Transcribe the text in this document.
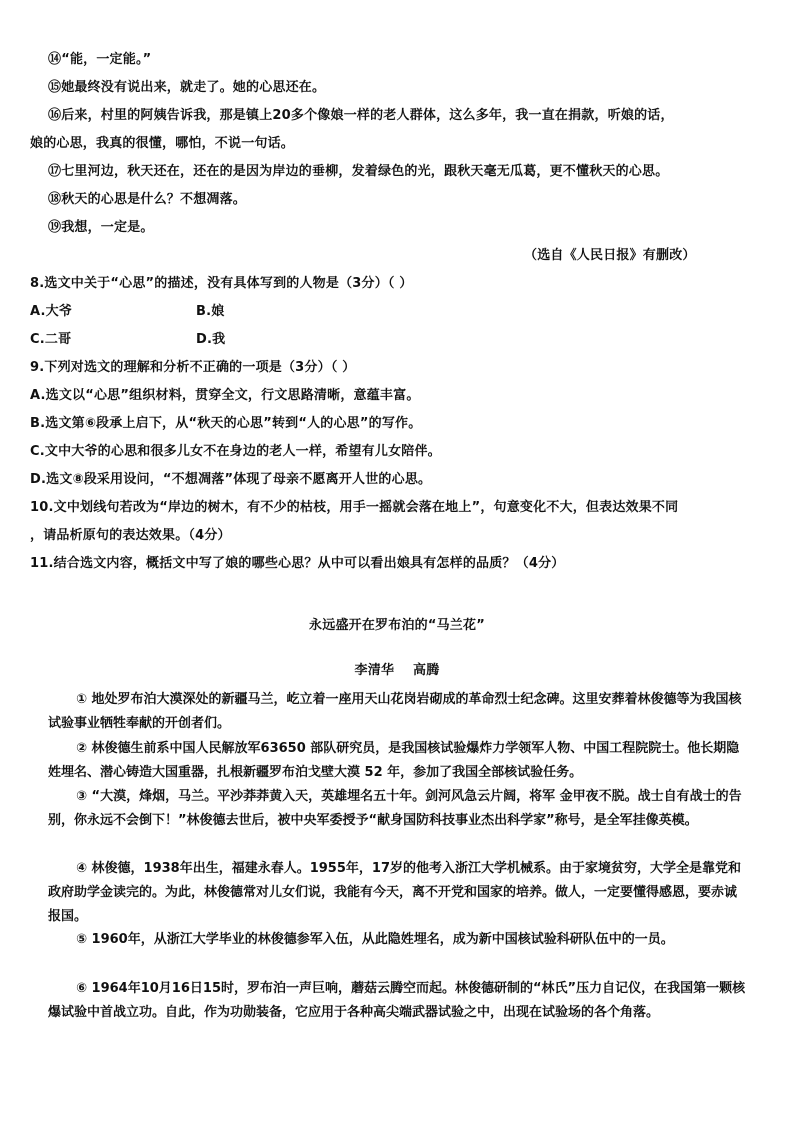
⑭“能，一定能。”
⑮她最终没有说出来，就走了。她的心思还在。
⑯后来，村里的阿姨告诉我，那是镇上20多个像娘一样的老人群体，这么多年，我一直在捐款，听娘的话，
娘的心思，我真的很懂，哪怕，不说一句话。
⑰七里河边，秋天还在，还在的是因为岸边的垂柳，发着绿色的光，跟秋天毫无瓜葛，更不懂秋天的心思。
⑱秋天的心思是什么？不想凋落。
⑲我想，一定是。
（选自《人民日报》有删改）
8.选文中关于“心思”的描述，没有具体写到的人物是（3分）（ ）
A.大爷	B.娘
C.二哥	D.我
9.下列对选文的理解和分析不正确的一项是（3分）（ ）
A.选文以“心思”组织材料，贯穿全文，行文思路清晰，意蕴丰富。
B.选文第⑥段承上启下，从“秋天的心思”转到“人的心思”的写作。
C.文中大爷的心思和很多儿女不在身边的老人一样，希望有儿女陪伴。
D.选文⑧段采用设问，“不想凋落”体现了母亲不愿离开人世的心思。
10.文中划线句若改为“岸边的树木，有不少的枯枝，用手一摇就会落在地上”，句意变化不大，但表达效果不同
，请品析原句的表达效果。（4分）
11.结合选文内容，概括文中写了娘的哪些心思？从中可以看出娘具有怎样的品质？（4分）
永远盛开在罗布泊的“马兰花”
李清华    高腾
① 地处罗布泊大漠深处的新疆马兰，屹立着一座用天山花岗岩砌成的革命烈士纪念碑。这里安葬着林俊德等为我国核试验事业牺牲奉献的开创者们。
② 林俊德生前系中国人民解放军63650 部队研究员，是我国核试验爆炸力学领军人物、中国工程院院士。他长期隐姓埋名、潜心铸造大国重器，扎根新疆罗布泊戈壁大漠 52 年，参加了我国全部核试验任务。
③ “大漠，烽烟，马兰。平沙莽莽黄入天，英雄埋名五十年。剑河风急云片阔，将军 金甲夜不脱。战士自有战士的告别，你永远不会倒下！”林俊德去世后，被中央军委授予“献身国防科技事业杰出科学家”称号，是全军挂像英模。
④ 林俊德，1938年出生，福建永春人。1955年，17岁的他考入浙江大学机械系。由于家境贫穷，大学全是靠党和政府助学金读完的。为此，林俊德常对儿女们说，我能有今天，离不开党和国家的培养。做人，一定要懂得感恩，要赤诚报国。
⑤ 1960年，从浙江大学毕业的林俊德参军入伍，从此隐姓埋名，成为新中国核试验科研队伍中的一员。
⑥ 1964年10月16日15时，罗布泊一声巨响，蘑菇云腾空而起。林俊德研制的“林氏”压力自记仪，在我国第一颗核爆试验中首战立功。自此，作为功勋装备，它应用于各种高尖端武器试验之中，出现在试验场的各个角落。
